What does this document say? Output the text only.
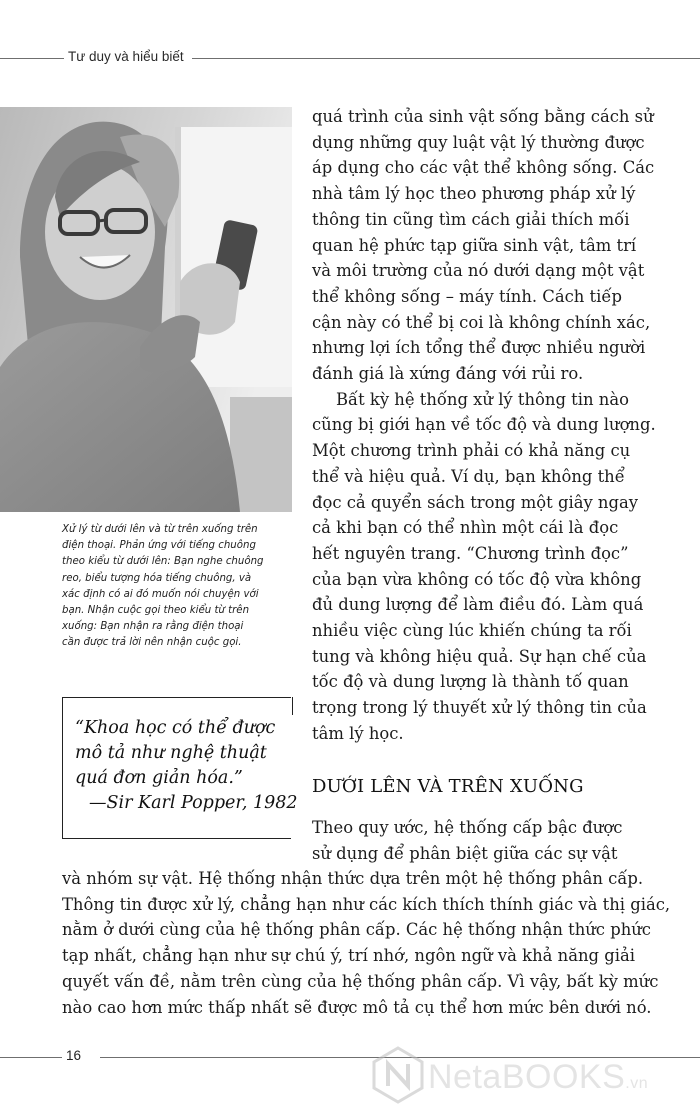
Tư duy và hiểu biết
Xử lý từ dưới lên và từ trên xuống trên
điện thoại. Phản ứng với tiếng chuông
theo kiểu từ dưới lên: Bạn nghe chuông
reo, biểu tượng hóa tiếng chuông, và
xác định có ai đó muốn nói chuyện với
bạn. Nhận cuộc gọi theo kiểu từ trên
xuống: Bạn nhận ra rằng điện thoại
cần được trả lời nên nhận cuộc gọi.
“Khoa học có thể được
mô tả như nghệ thuật
quá đơn giản hóa.”
—Sir Karl Popper, 1982
quá trình của sinh vật sống bằng cách sử
dụng những quy luật vật lý thường được
áp dụng cho các vật thể không sống. Các
nhà tâm lý học theo phương pháp xử lý
thông tin cũng tìm cách giải thích mối
quan hệ phức tạp giữa sinh vật, tâm trí
và môi trường của nó dưới dạng một vật
thể không sống – máy tính. Cách tiếp
cận này có thể bị coi là không chính xác,
nhưng lợi ích tổng thể được nhiều người
đánh giá là xứng đáng với rủi ro.
Bất kỳ hệ thống xử lý thông tin nào
cũng bị giới hạn về tốc độ và dung lượng.
Một chương trình phải có khả năng cụ
thể và hiệu quả. Ví dụ, bạn không thể
đọc cả quyển sách trong một giây ngay
cả khi bạn có thể nhìn một cái là đọc
hết nguyên trang. “Chương trình đọc”
của bạn vừa không có tốc độ vừa không
đủ dung lượng để làm điều đó. Làm quá
nhiều việc cùng lúc khiến chúng ta rối
tung và không hiệu quả. Sự hạn chế của
tốc độ và dung lượng là thành tố quan
trọng trong lý thuyết xử lý thông tin của
tâm lý học.
DƯỚI LÊN VÀ TRÊN XUỐNG
Theo quy ước, hệ thống cấp bậc được
sử dụng để phân biệt giữa các sự vật
và nhóm sự vật. Hệ thống nhận thức dựa trên một hệ thống phân cấp.
Thông tin được xử lý, chẳng hạn như các kích thích thính giác và thị giác,
nằm ở dưới cùng của hệ thống phân cấp. Các hệ thống nhận thức phức
tạp nhất, chẳng hạn như sự chú ý, trí nhớ, ngôn ngữ và khả năng giải
quyết vấn đề, nằm trên cùng của hệ thống phân cấp. Vì vậy, bất kỳ mức
nào cao hơn mức thấp nhất sẽ được mô tả cụ thể hơn mức bên dưới nó.
16
NetaBOOKS.vn
